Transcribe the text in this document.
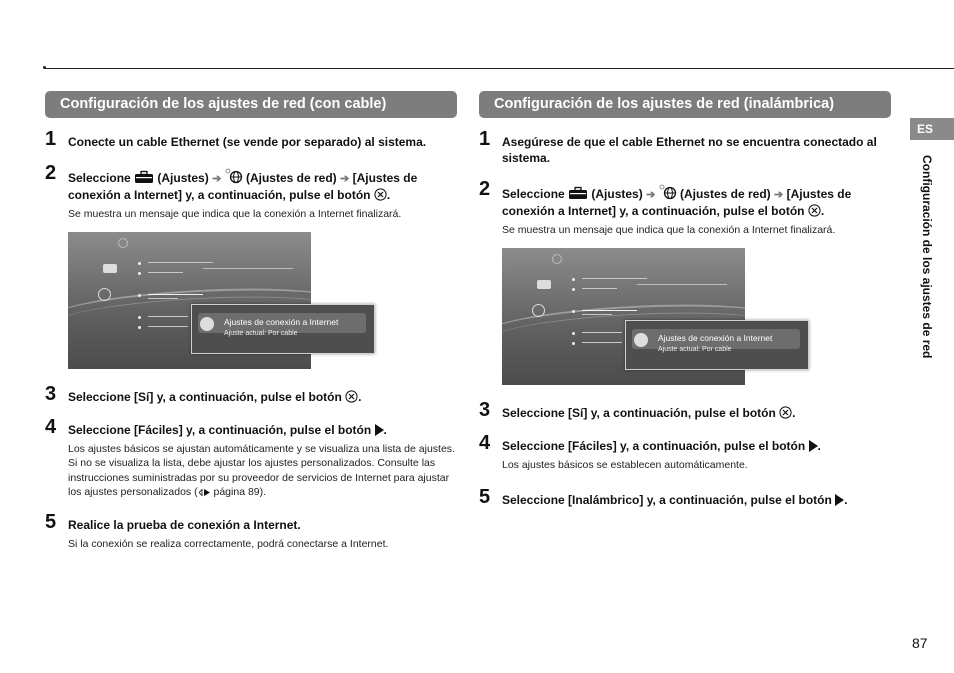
Configuración de los ajustes de red (con cable)
1 Conecte un cable Ethernet (se vende por separado) al sistema.
2 Seleccione (Ajustes) ➔ (Ajustes de red) ➔ [Ajustes de conexión a Internet] y, a continuación, pulse el botón .
Se muestra un mensaje que indica que la conexión a Internet finalizará.
Ajustes de conexión a Internet
Ajuste actual: Por cable
3 Seleccione [Sí] y, a continuación, pulse el botón .
4 Seleccione [Fáciles] y, a continuación, pulse el botón .
Los ajustes básicos se ajustan automáticamente y se visualiza una lista de ajustes. Si no se visualiza la lista, debe ajustar los ajustes personalizados. Consulte las instrucciones suministradas por su proveedor de servicios de Internet para ajustar los ajustes personalizados ( página 89).
5 Realice la prueba de conexión a Internet.
Si la conexión se realiza correctamente, podrá conectarse a Internet.
Configuración de los ajustes de red (inalámbrica)
1 Asegúrese de que el cable Ethernet no se encuentra conectado al sistema.
2 Seleccione (Ajustes) ➔ (Ajustes de red) ➔ [Ajustes de conexión a Internet] y, a continuación, pulse el botón .
Se muestra un mensaje que indica que la conexión a Internet finalizará.
Ajustes de conexión a Internet
Ajuste actual: Por cable
3 Seleccione [Sí] y, a continuación, pulse el botón .
4 Seleccione [Fáciles] y, a continuación, pulse el botón .
Los ajustes básicos se establecen automáticamente.
5 Seleccione [Inalámbrico] y, a continuación, pulse el botón .
ES
Configuración de los ajustes de red
87
